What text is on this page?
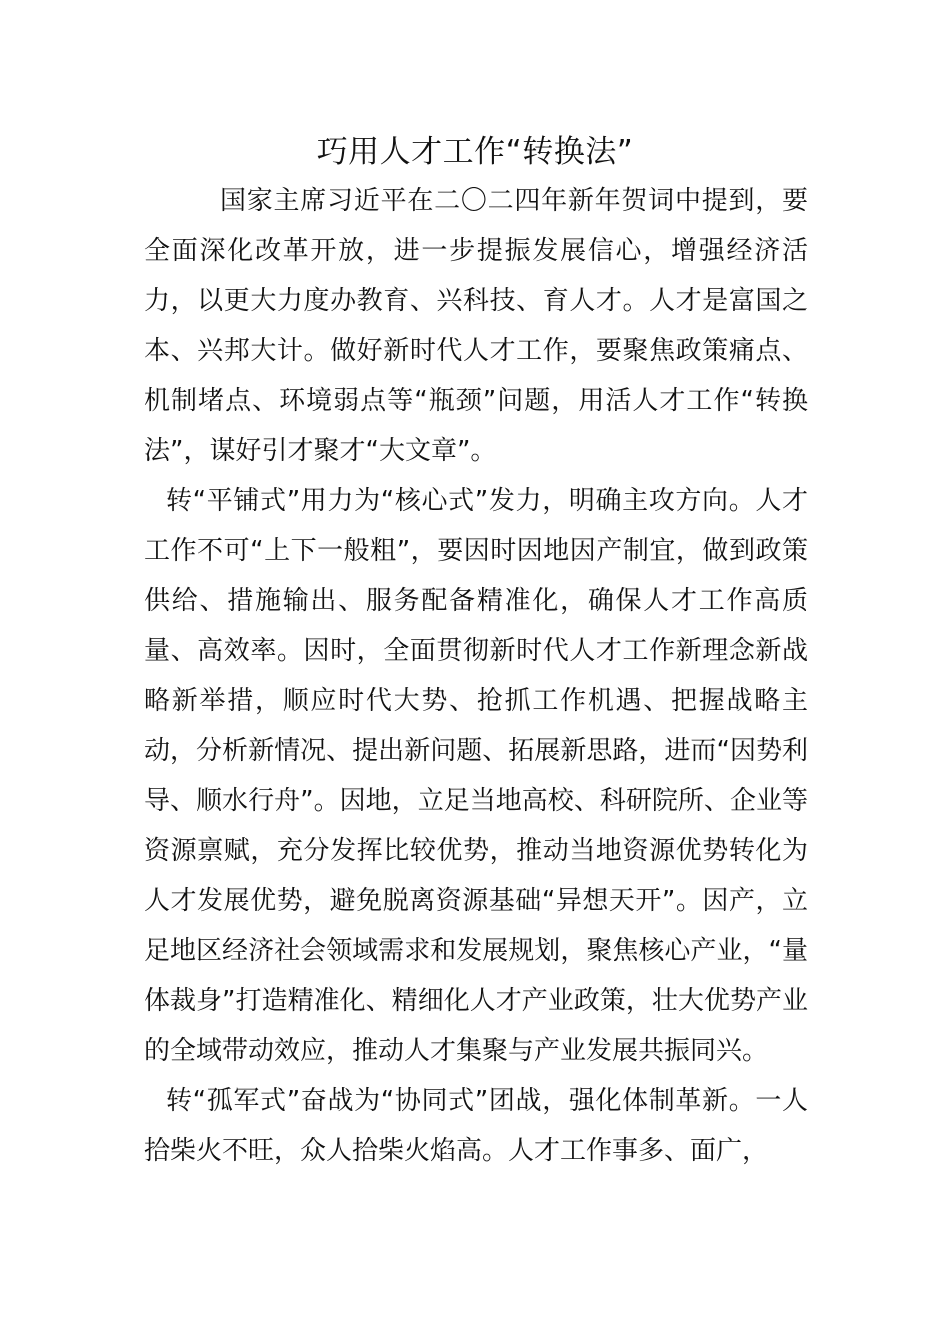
巧用人才工作“转换法”

国家主席习近平在二〇二四年新年贺词中提到，要全面深化改革开放，进一步提振发展信心，增强经济活力，以更大力度办教育、兴科技、育人才。人才是富国之本、兴邦大计。做好新时代人才工作，要聚焦政策痛点、机制堵点、环境弱点等“瓶颈”问题，用活人才工作“转换法”，谋好引才聚才“大文章”。

转“平铺式”用力为“核心式”发力，明确主攻方向。人才工作不可“上下一般粗”，要因时因地因产制宜，做到政策供给、措施输出、服务配备精准化，确保人才工作高质量、高效率。因时，全面贯彻新时代人才工作新理念新战略新举措，顺应时代大势、抢抓工作机遇、把握战略主动，分析新情况、提出新问题、拓展新思路，进而“因势利导、顺水行舟”。因地，立足当地高校、科研院所、企业等资源禀赋，充分发挥比较优势，推动当地资源优势转化为人才发展优势，避免脱离资源基础“异想天开”。因产，立足地区经济社会领域需求和发展规划，聚焦核心产业，“量体裁身”打造精准化、精细化人才产业政策，壮大优势产业的全域带动效应，推动人才集聚与产业发展共振同兴。

转“孤军式”奋战为“协同式”团战，强化体制革新。一人拾柴火不旺，众人拾柴火焰高。人才工作事多、面广，
